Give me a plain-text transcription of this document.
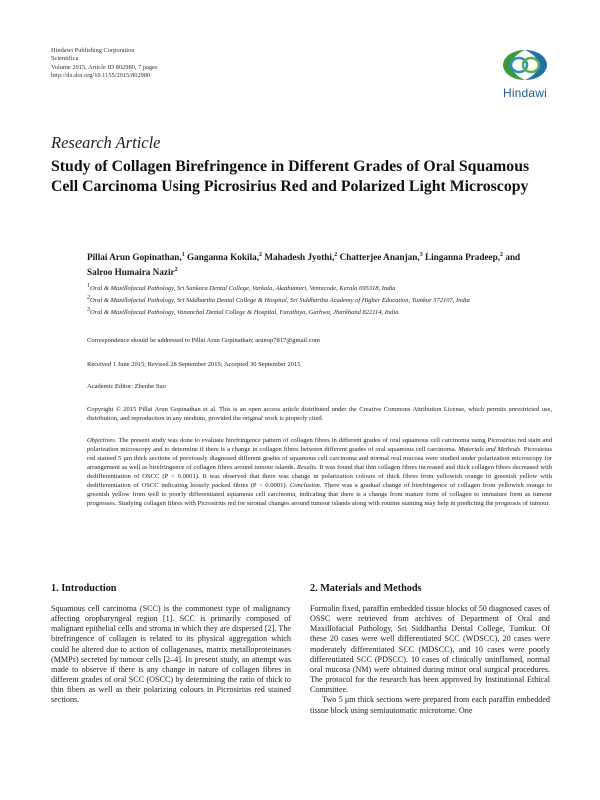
Hindawi Publishing Corporation
Scientifica
Volume 2015, Article ID 802980, 7 pages
http://dx.doi.org/10.1155/2015/802980
Hindawi
Research Article
Study of Collagen Birefringence in Different Grades of Oral Squamous Cell Carcinoma Using Picrosirius Red and Polarized Light Microscopy
Pillai Arun Gopinathan,$^1$ Ganganna Kokila,$^2$ Mahadesh Jyothi,$^2$ Chatterjee Ananjan,$^3$ Linganna Pradeep,$^2$ and Salroo Humaira Nazir$^2$
$^1$Oral & Maxillofacial Pathology, Sri Sankara Dental College, Varkala, Akathumuri, Vennicode, Kerala 695318, India
$^2$Oral & Maxillofacial Pathology, Sri Siddhartha Dental College & Hospital, Sri Siddhartha Academy of Higher Education, Tumkur 572107, India
$^3$Oral & Maxillofacial Pathology, Vananchal Dental College & Hospital, Farathiya, Garhwa, Jharkhand 822114, India
Correspondence should be addressed to Pillai Arun Gopinathan; arunop7817@gmail.com
Received 1 June 2015; Revised 28 September 2015; Accepted 30 September 2015
Academic Editor: Zhenhe Suo
Copyright © 2015 Pillai Arun Gopinathan et al. This is an open access article distributed under the Creative Commons Attribution License, which permits unrestricted use, distribution, and reproduction in any medium, provided the original work is properly cited.
Objectives. The present study was done to evaluate birefringence pattern of collagen fibres in different grades of oral squamous cell carcinoma using Picrosirius red stain and polarization microscopy and to determine if there is a change in collagen fibres between different grades of oral squamous cell carcinoma. Materials and Methods. Picrosirius red stained 5 μm thick sections of previously diagnosed different grades of squamous cell carcinoma and normal oral mucosa were studied under polarization microscopy for arrangement as well as birefringence of collagen fibres around tumour islands. Results. It was found that thin collagen fibres increased and thick collagen fibres decreased with dedifferentiation of OSCC (P < 0.0001). It was observed that there was change in polarization colours of thick fibres from yellowish orange to greenish yellow with dedifferentiation of OSCC indicating loosely packed fibres (P < 0.0001). Conclusion. There was a gradual change of birefringence of collagen from yellowish orange to greenish yellow from well to poorly differentiated squamous cell carcinoma, indicating that there is a change from mature form of collagen to immature form as tumour progresses. Studying collagen fibres with Picrosirius red for stromal changes around tumour islands along with routine staining may help in predicting the prognosis of tumour.
1. Introduction	2. Materials and Methods

Squamous cell carcinoma (SCC) is the commonest type of malignancy affecting oropharyngeal region [1]. SCC is primarily composed of malignant epithelial cells and stroma in which they are dispersed [2]. The birefringence of collagen is related to its physical aggregation which could be altered due to action of collagenases, matrix metalloproteinases (MMPs) secreted by tumour cells [2–4]. In present study, an attempt was made to observe if there is any change in nature of collagen fibres in different grades of oral SCC (OSCC) by determining the ratio of thick to thin fibers as well as their polarizing colours in Picrosirius red stained sections.

Formalin fixed, paraffin embedded tissue blocks of 50 diagnosed cases of OSSC were retrieved from archives of Department of Oral and Maxillofacial Pathology, Sri Siddhartha Dental College, Tumkur. Of these 20 cases were well differentiated SCC (WDSCC), 20 cases were moderately differentiated SCC (MDSCC), and 10 cases were poorly differentiated SCC (PDSCC). 10 cases of clinically uninflamed, normal oral mucosa (NM) were obtained during minor oral surgical procedures. The protocol for the research has been approved by Institutional Ethical Committee.

Two 5 μm thick sections were prepared from each paraffin embedded tissue block using semiautomatic microtome. One
